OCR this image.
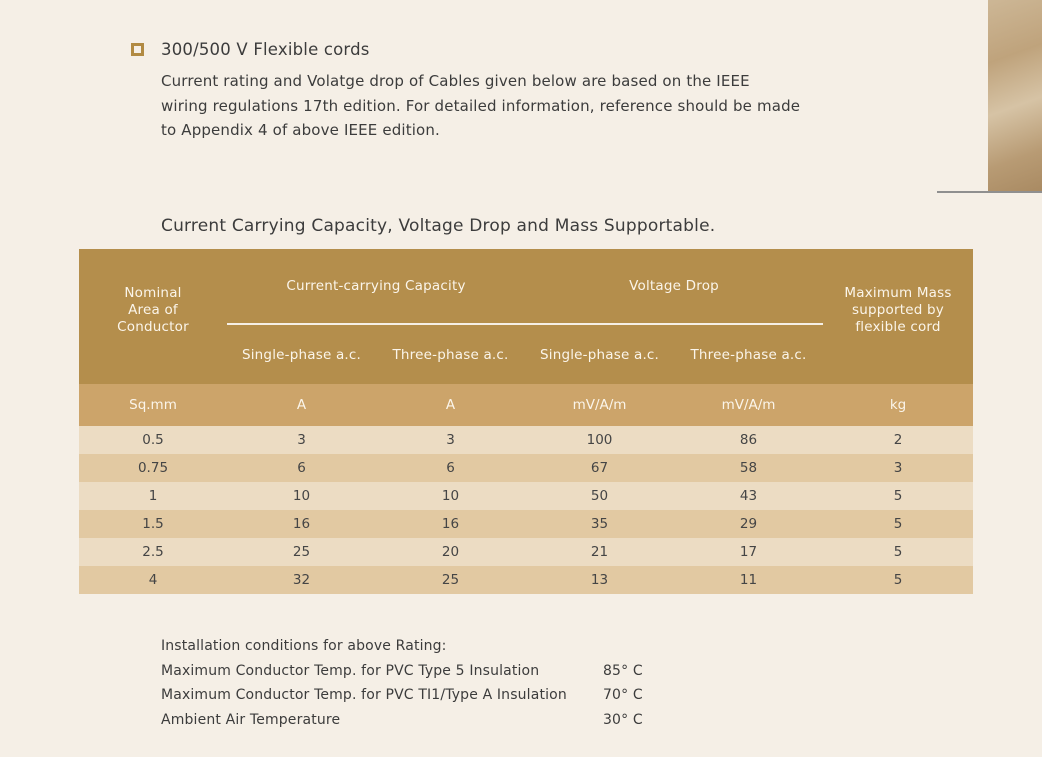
300/500 V Flexible cords

Current rating and Volatge drop of Cables given below are based on the IEEE wiring regulations 17th edition. For detailed information, reference should be made to Appendix 4 of above IEEE edition.

Current Carrying Capacity, Voltage Drop and Mass Supportable.
Nominal Area of Conductor	Current-carrying Capacity		Voltage Drop		Maximum Mass supported by flexible cord

	Single-phase a.c.	Three-phase a.c.	Single-phase a.c.	Three-phase a.c.	
Sq.mm	A	A	mV/A/m	mV/A/m	kg
0.5	3	3	100	86	2
0.75	6	6	67	58	3
1	10	10	50	43	5
1.5	16	16	35	29	5
2.5	25	20	21	17	5
4	32	25	13	11	5
Installation conditions for above Rating:
Maximum Conductor Temp. for PVC Type 5 Insulation	85° C
Maximum Conductor Temp. for PVC TI1/Type A Insulation	70° C
Ambient Air Temperature	30° C
